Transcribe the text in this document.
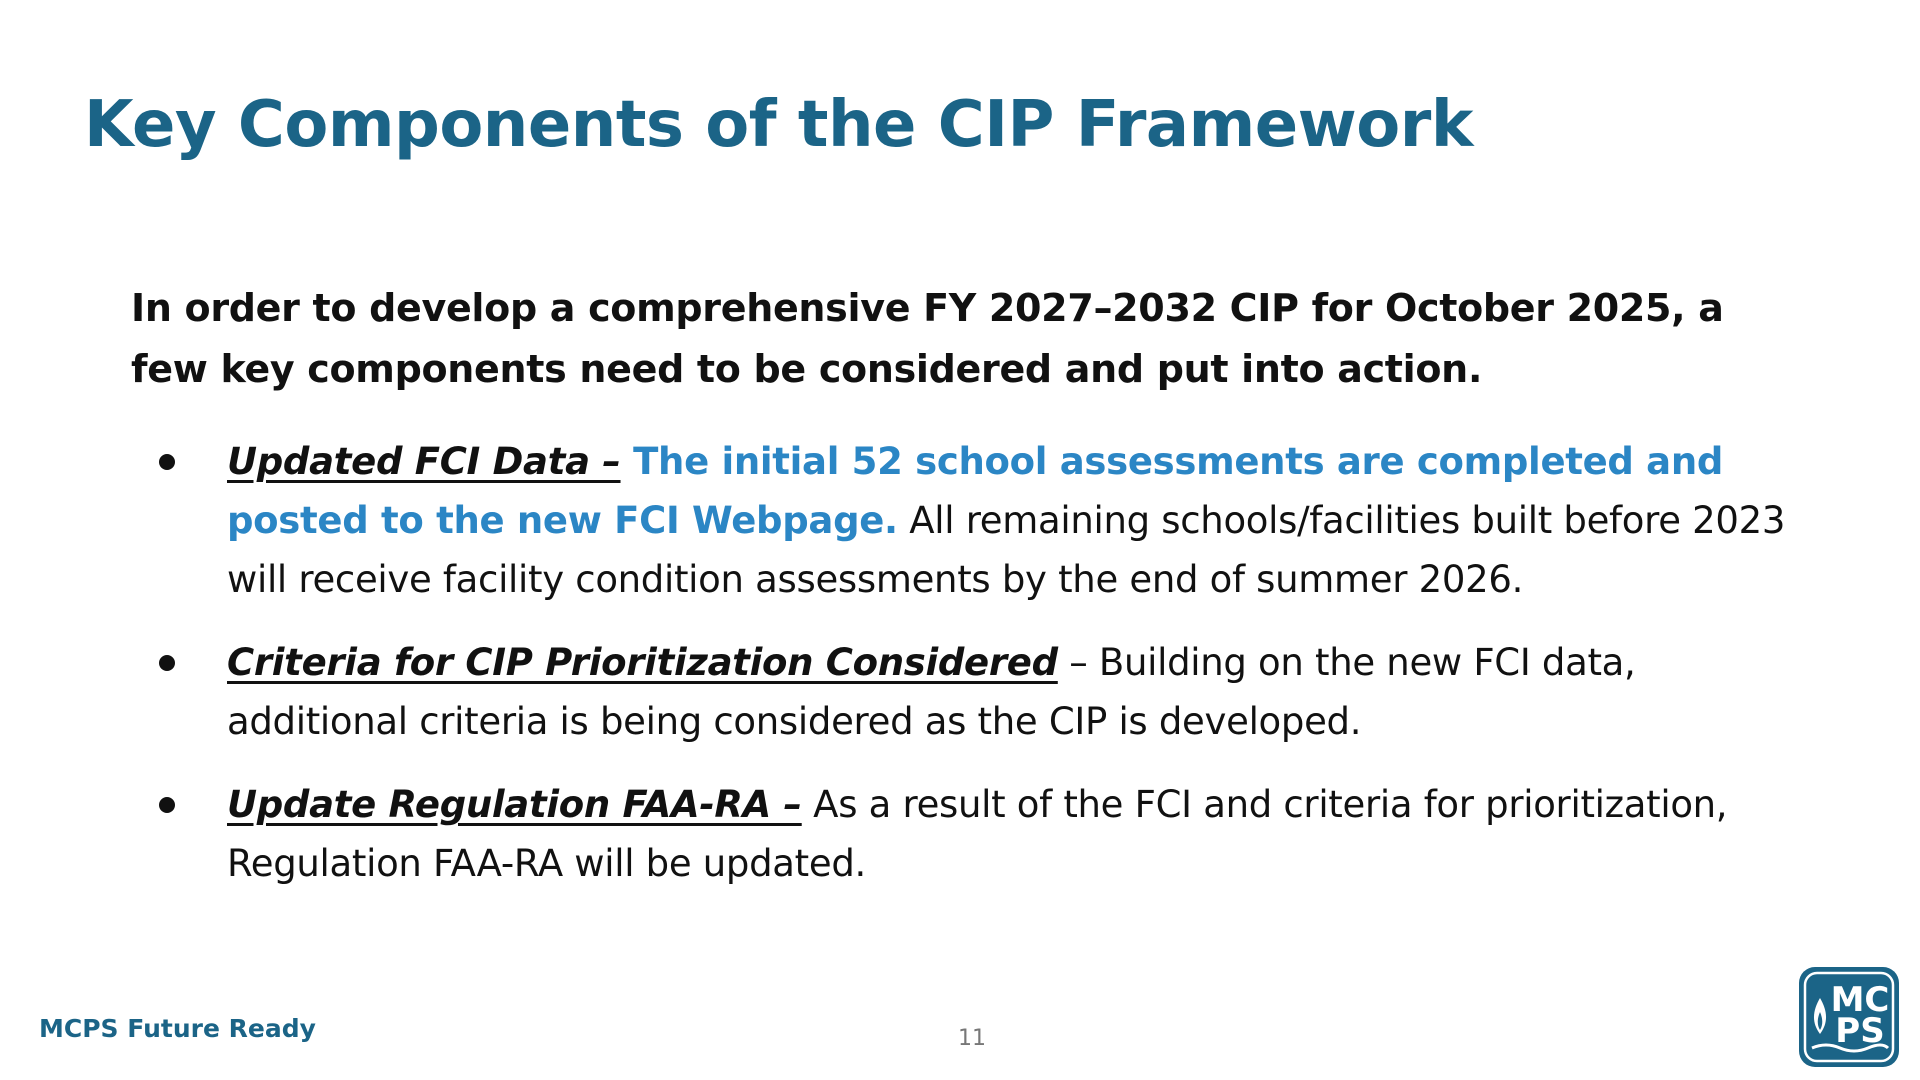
Key Components of the CIP Framework

In order to develop a comprehensive FY 2027–2032 CIP for October 2025, a few key components need to be considered and put into action.

Updated FCI Data – The initial 52 school assessments are completed and posted to the new FCI Webpage. All remaining schools/facilities built before 2023 will receive facility condition assessments by the end of summer 2026.
Criteria for CIP Prioritization Considered – Building on the new FCI data, additional criteria is being considered as the CIP is developed.
Update Regulation FAA-RA – As a result of the FCI and criteria for prioritization, Regulation FAA-RA will be updated.
MCPS Future Ready	11
MC
PS
